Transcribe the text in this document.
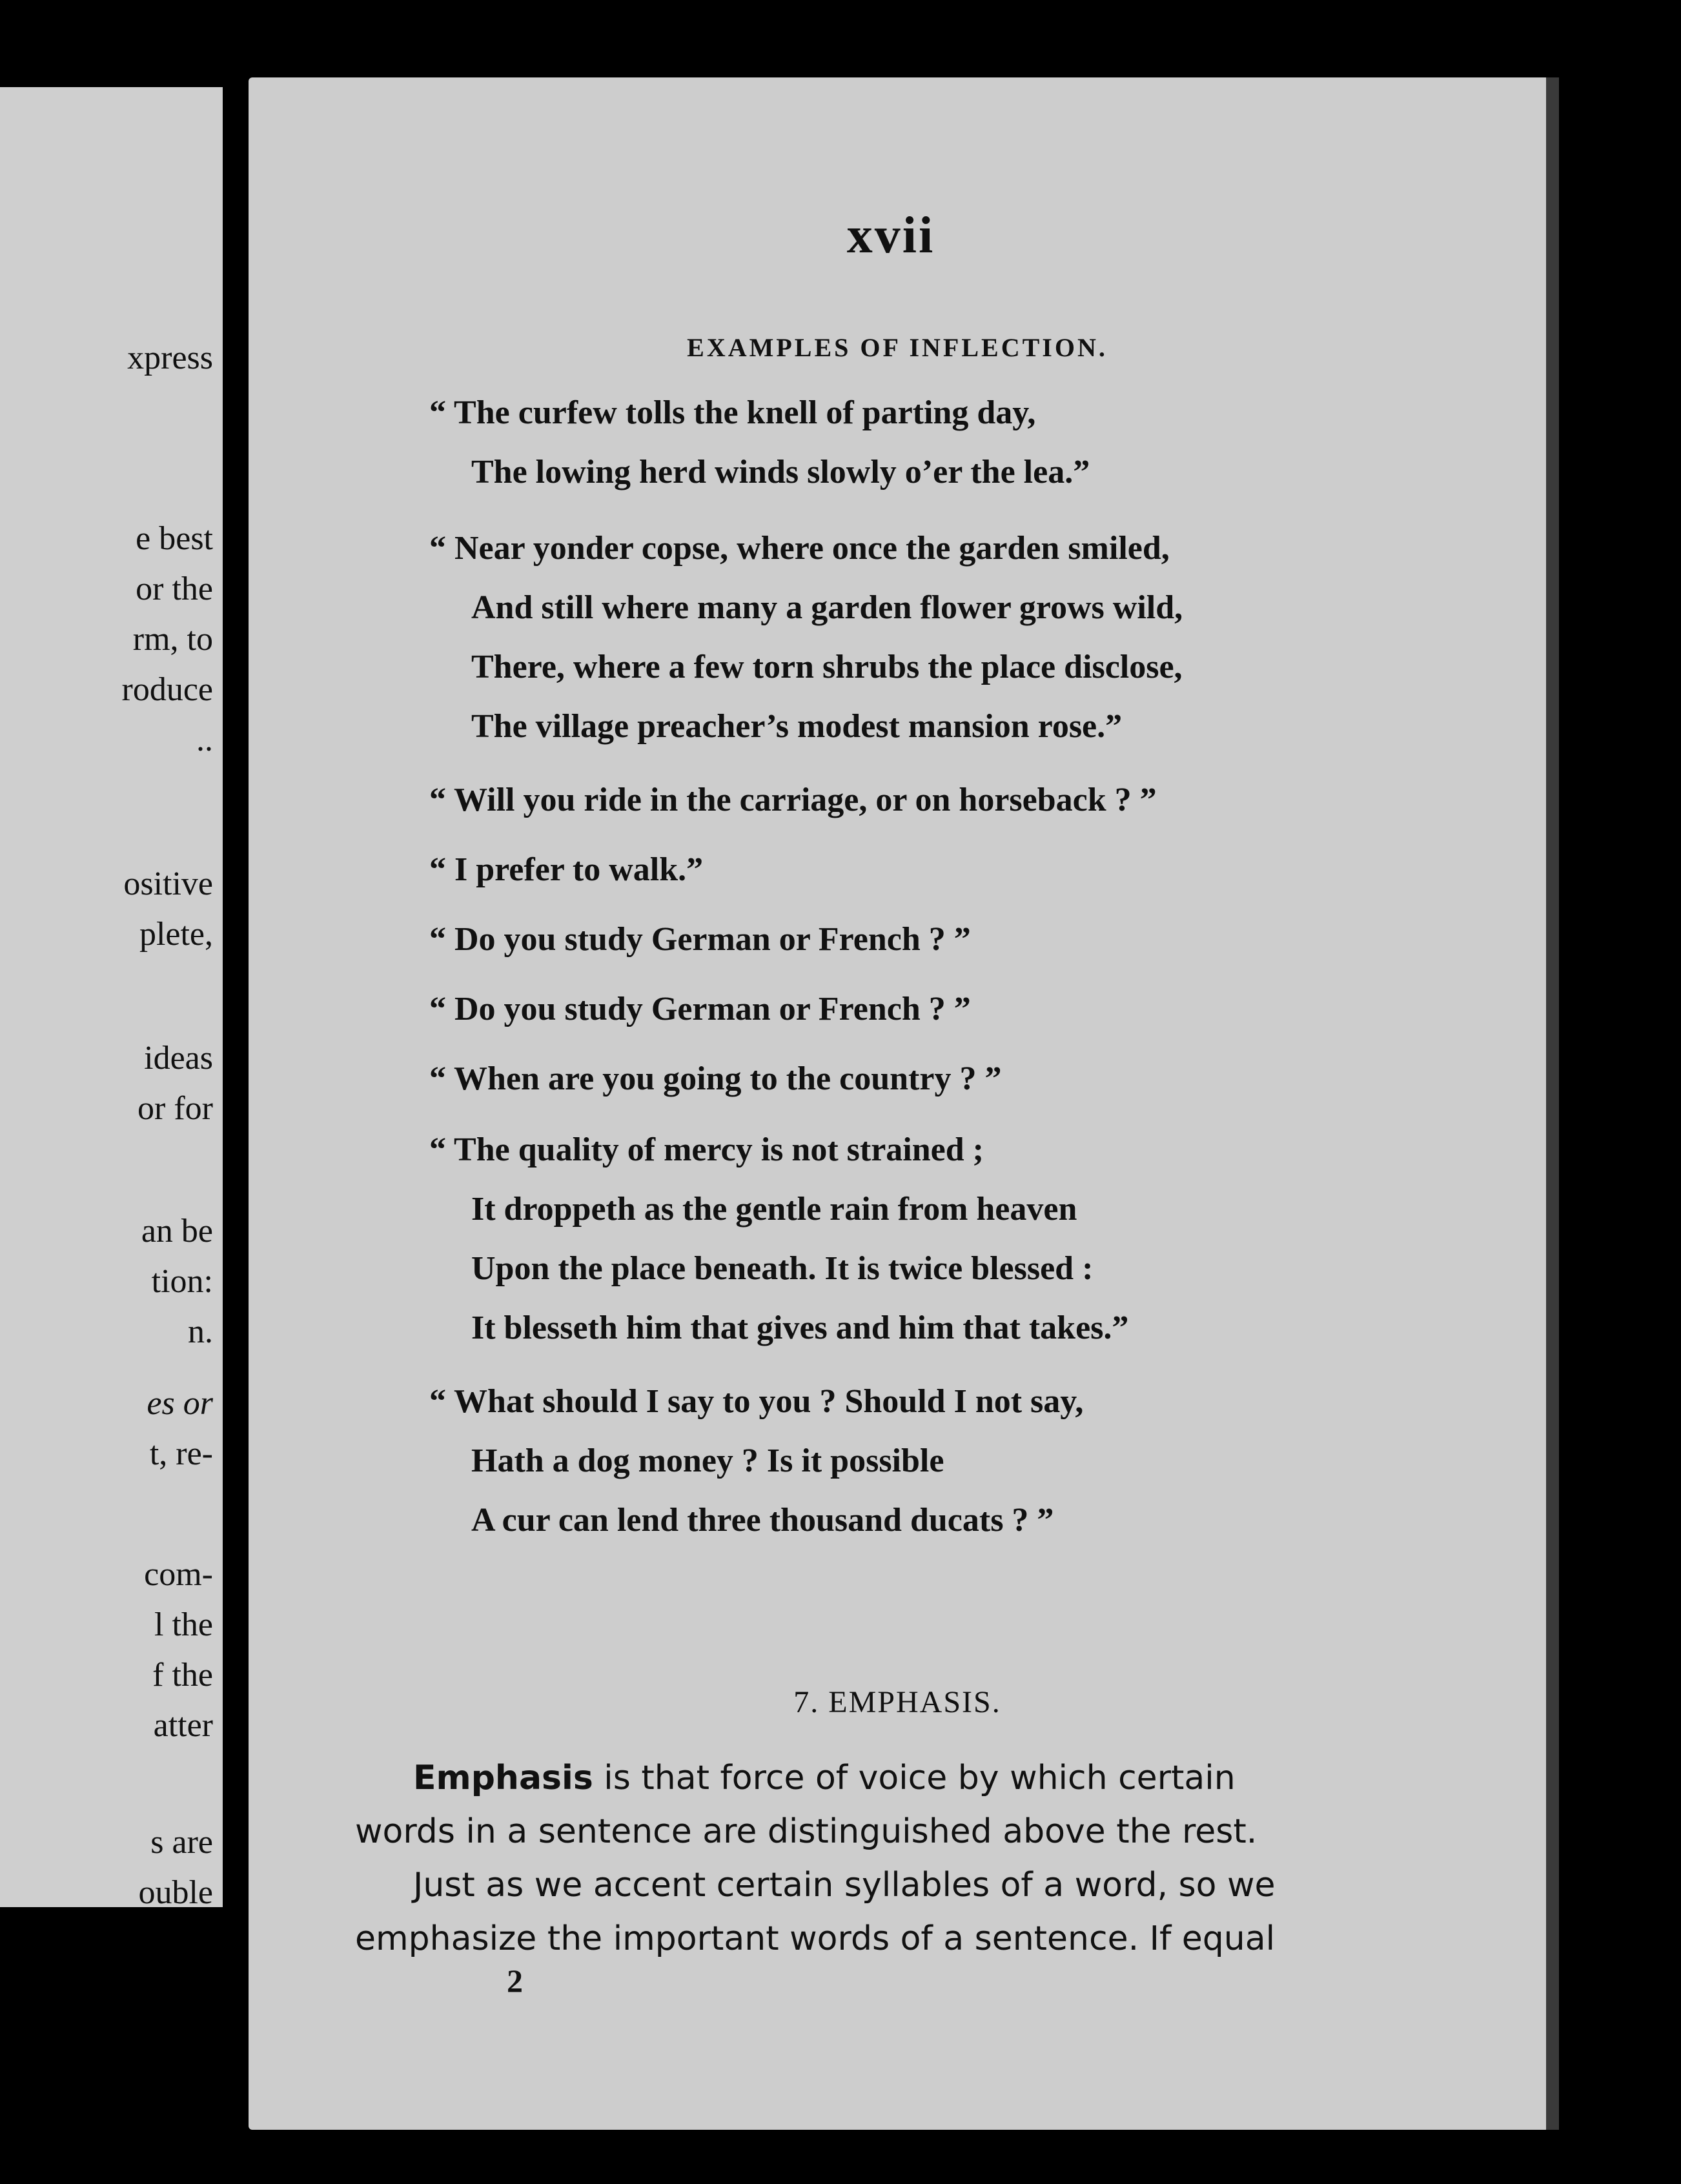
xpress
e best
or the
rm, to
roduce
..
ositive
plete,
ideas
or for
an be
tion:
n.
es or
t, re-
com-
l the
f the
atter
s are
ouble
xvii
EXAMPLES OF INFLECTION.
“ The curfew tolls the knell of parting day,
The lowing herd winds slowly o’er the lea.”
“ Near yonder copse, where once the garden smiled,
And still where many a garden flower grows wild,
There, where a few torn shrubs the place disclose,
The village preacher’s modest mansion rose.”
“ Will you ride in the carriage, or on horseback ? ”
“ I prefer to walk.”
“ Do you study German or French ? ”
“ Do you study German or French ? ”
“ When are you going to the country ? ”
“ The quality of mercy is not strained ;
It droppeth as the gentle rain from heaven
Upon the place beneath. It is twice blessed :
It blesseth him that gives and him that takes.”
“ What should I say to you ? Should I not say,
Hath a dog money ? Is it possible
A cur can lend three thousand ducats ? ”
7. EMPHASIS.
Emphasis is that force of voice by which certain
words in a sentence are distinguished above the rest.
Just as we accent certain syllables of a word, so we
emphasize the important words of a sentence. If equal
2
